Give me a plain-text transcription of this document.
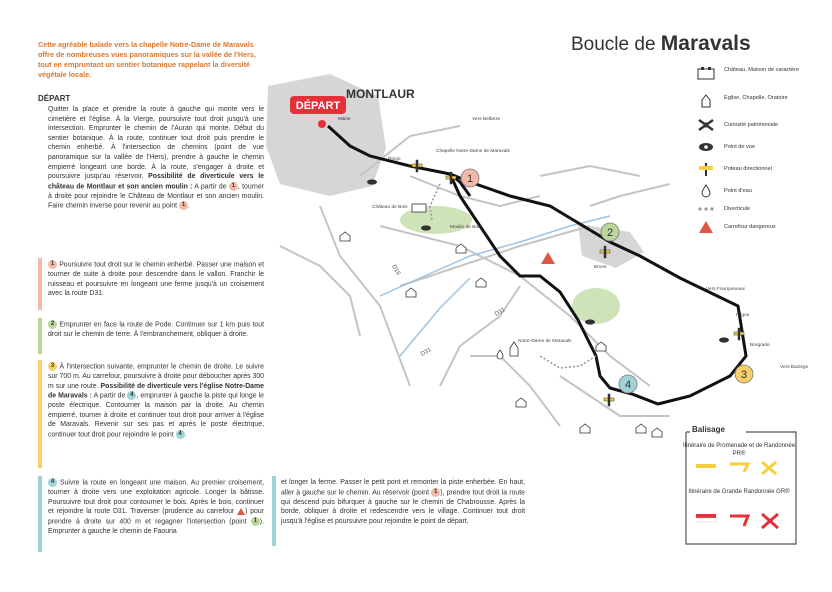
Boucle de Maravals
Cette agréable balade vers la chapelle Notre-Dame de Maravals offre de nombreuses vues panoramiques sur la vallée de l'Hers, tout en empruntant un sentier botanique rappelant la diversité végétale locale.
DÉPART
Quitter la place et prendre la route à gauche qui monte vers le cimetière et l'église. À la Vierge, poursuivre tout droit jusqu'à une intersection. Emprunter le chemin de l'Auran qui monte. Début du sentier botanique. À la route, continuer tout droit puis prendre le chemin enherbé. À l'intersection de chemins (point de vue panoramique sur la vallée de l'Hers), prendre à gauche le chemin empierré longeant une borde. À la route, s'engager à droite et poursuivre jusqu'au réservoir. Possibilité de diverticule vers le château de Montlaur et son ancien moulin : A partir de 1 , tourner à droite pour rejoindre le Château de Montlaur et son ancien moulin. Faire chemin inverse pour revenir au point 1 .
1 Poursuivre tout droit sur le chemin enherbé. Passer une maison et tourner de suite à droite pour descendre dans le vallon. Franchir le ruisseau et poursuivre en longeant une ferme jusqu'à un croisement avec la route D31.
2 Emprunter en face la route de Pode. Continuer sur 1 km puis tout droit sur le chemin de terre. À l'embranchement, obliquer à droite.
3 À l'intersection suivante, emprunter le chemin de droite. Le suivre sur 700 m. Au carrefour, poursuivre à droite pour déboucher après 300 m sur une route. Possibilité de diverticule vers l'église Notre-Dame de Maravals : A partir de 4 , emprunter à gauche la piste qui longe le poste électrique. Contourner la maison par la droite. Au chemin empierré, tourner à droite et continuer tout droit pour arriver à l'église de Maravals. Revenir sur ses pas et après le poste électrique, continuer tout droit pour rejoindre le point 4 .
4 Suivre la route en longeant une maison. Au premier croisement, tourner à droite vers une exploitation agricole. Longer la bâtisse. Poursuivre tout droit pour contourner le bois. Après le bois, continuer et rejoindre la route D31. Traverser (prudence au carrefour ) pour prendre à droite sur 400 m et regagner l'intersection (point 1 ). Emprunter à gauche le chemin de Faouria
et longer la ferme. Passer le petit pont et remonter la piste enherbée. En haut, aller à gauche sur le chemin. Au réservoir (point 1 ), prendre tout droit la route qui descend puis bifurquer à gauche sur le chemin de Chabrousse. Après la borde, obliquer à droite et redescendre vers le village. Continuer tout droit jusqu'à l'église et poursuivre pour rejoindre le point de départ.
1
2
3
4
DÉPART
MONTLAUR
Mairie	Vers Belbèze
Vers Fourquevaux
Vers Baziège
Château de Bois
Moulin de Bois
Ringo
Chapelle Notre-Dame de Maravals
Notre-Dame de Maravals
Bruns
Pilgou
Borgrade
D31
D31
D16
Château, Maison de caractère
Église, Chapelle, Oratoire
Curiosité patrimoniale
Point de vue
Poteau directionnel
Point d'eau
Diverticule
Carrefour dangereux
Balisage
Itinéraire de Promenade et de Randonnée PR®
Itinéraire de Grande Randonnée GR®
